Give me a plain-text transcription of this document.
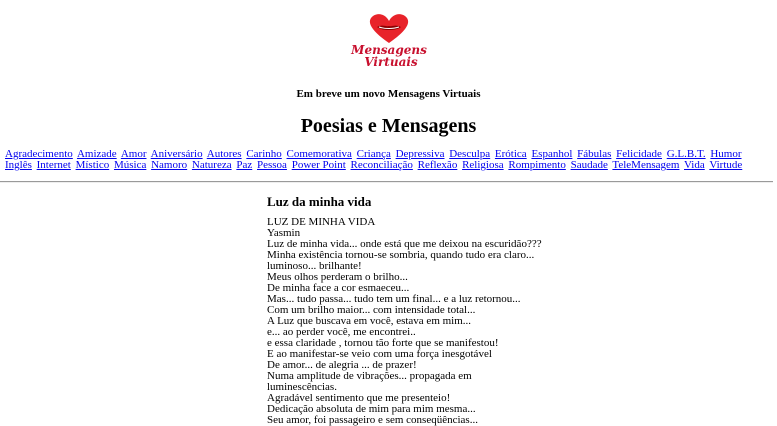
Mensagens
Virtuais
Em breve um novo Mensagens Virtuais
Poesias e Mensagens
Agradecimento Amizade Amor Aniversário Autores Carinho Comemorativa Criança Depressiva Desculpa Erótica Espanhol Fábulas Felicidade G.L.B.T. Humor Inglês Internet Místico Música Namoro Natureza Paz Pessoa Power Point Reconciliação Reflexão Religiosa Rompimento Saudade TeleMensagem Vida Virtude
Luz da minha vida
LUZ DE MINHA VIDA
Yasmin
Luz de minha vida... onde está que me deixou na escuridão???
Minha existência tornou-se sombria, quando tudo era claro...
luminoso... brilhante!
Meus olhos perderam o brilho...
De minha face a cor esmaeceu...
Mas... tudo passa... tudo tem um final... e a luz retornou...
Com um brilho maior... com intensidade total...
A Luz que buscava em você, estava em mim...
e... ao perder você, me encontrei..
e essa claridade , tornou tão forte que se manifestou!
E ao manifestar-se veio com uma força inesgotável
De amor... de alegria ... de prazer!
Numa amplitude de vibrações... propagada em
luminescências.
Agradável sentimento que me presenteio!
Dedicação absoluta de mim para mim mesma...
Seu amor, foi passageiro e sem conseqüências...
